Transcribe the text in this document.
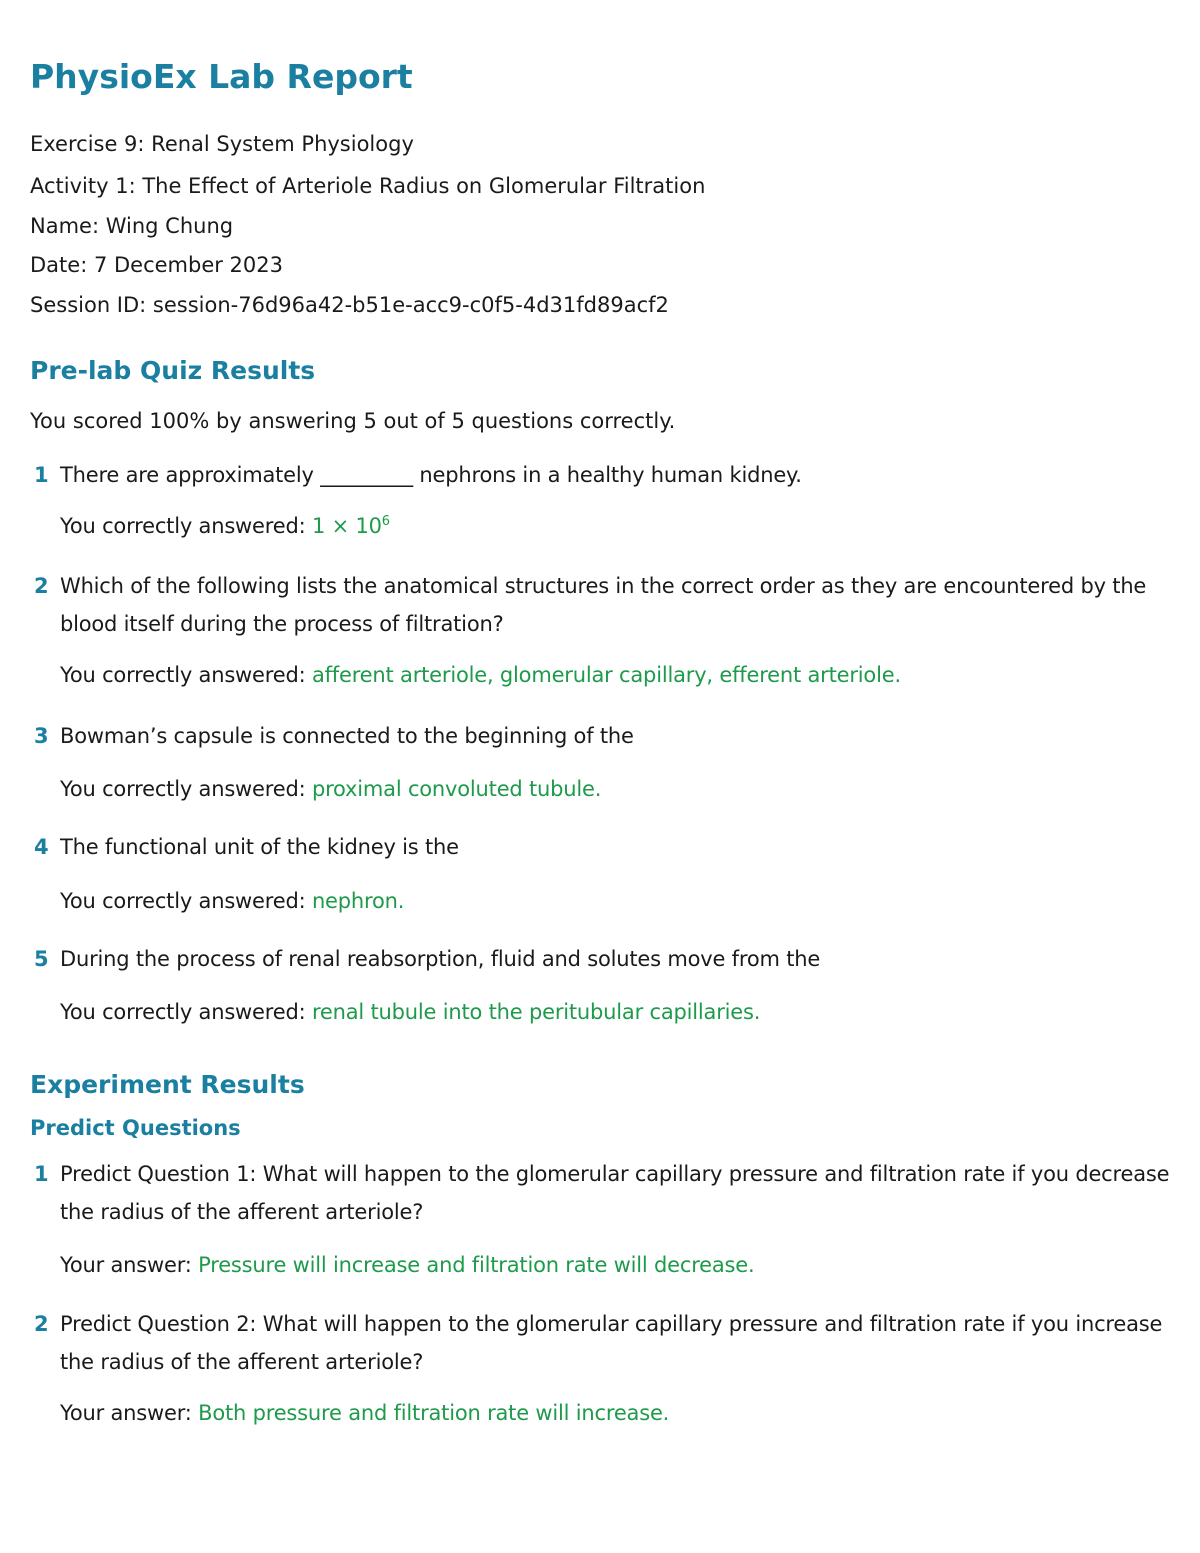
PhysioEx Lab Report
Exercise 9: Renal System Physiology
Activity 1: The Effect of Arteriole Radius on Glomerular Filtration
Name: Wing Chung
Date: 7 December 2023
Session ID: session-76d96a42-b51e-acc9-c0f5-4d31fd89acf2
Pre-lab Quiz Results
You scored 100% by answering 5 out of 5 questions correctly.
1 There are approximately _________ nephrons in a healthy human kidney.
You correctly answered: $1 \times 10^6$
2 Which of the following lists the anatomical structures in the correct order as they are encountered by the blood itself during the process of filtration?
You correctly answered: afferent arteriole, glomerular capillary, efferent arteriole.
3 Bowman’s capsule is connected to the beginning of the
You correctly answered: proximal convoluted tubule.
4 The functional unit of the kidney is the
You correctly answered: nephron.
5 During the process of renal reabsorption, fluid and solutes move from the
You correctly answered: renal tubule into the peritubular capillaries.
Experiment Results
Predict Questions
1 Predict Question 1: What will happen to the glomerular capillary pressure and filtration rate if you decrease the radius of the afferent arteriole?
Your answer: Pressure will increase and filtration rate will decrease.
2 Predict Question 2: What will happen to the glomerular capillary pressure and filtration rate if you increase the radius of the afferent arteriole?
Your answer: Both pressure and filtration rate will increase.
